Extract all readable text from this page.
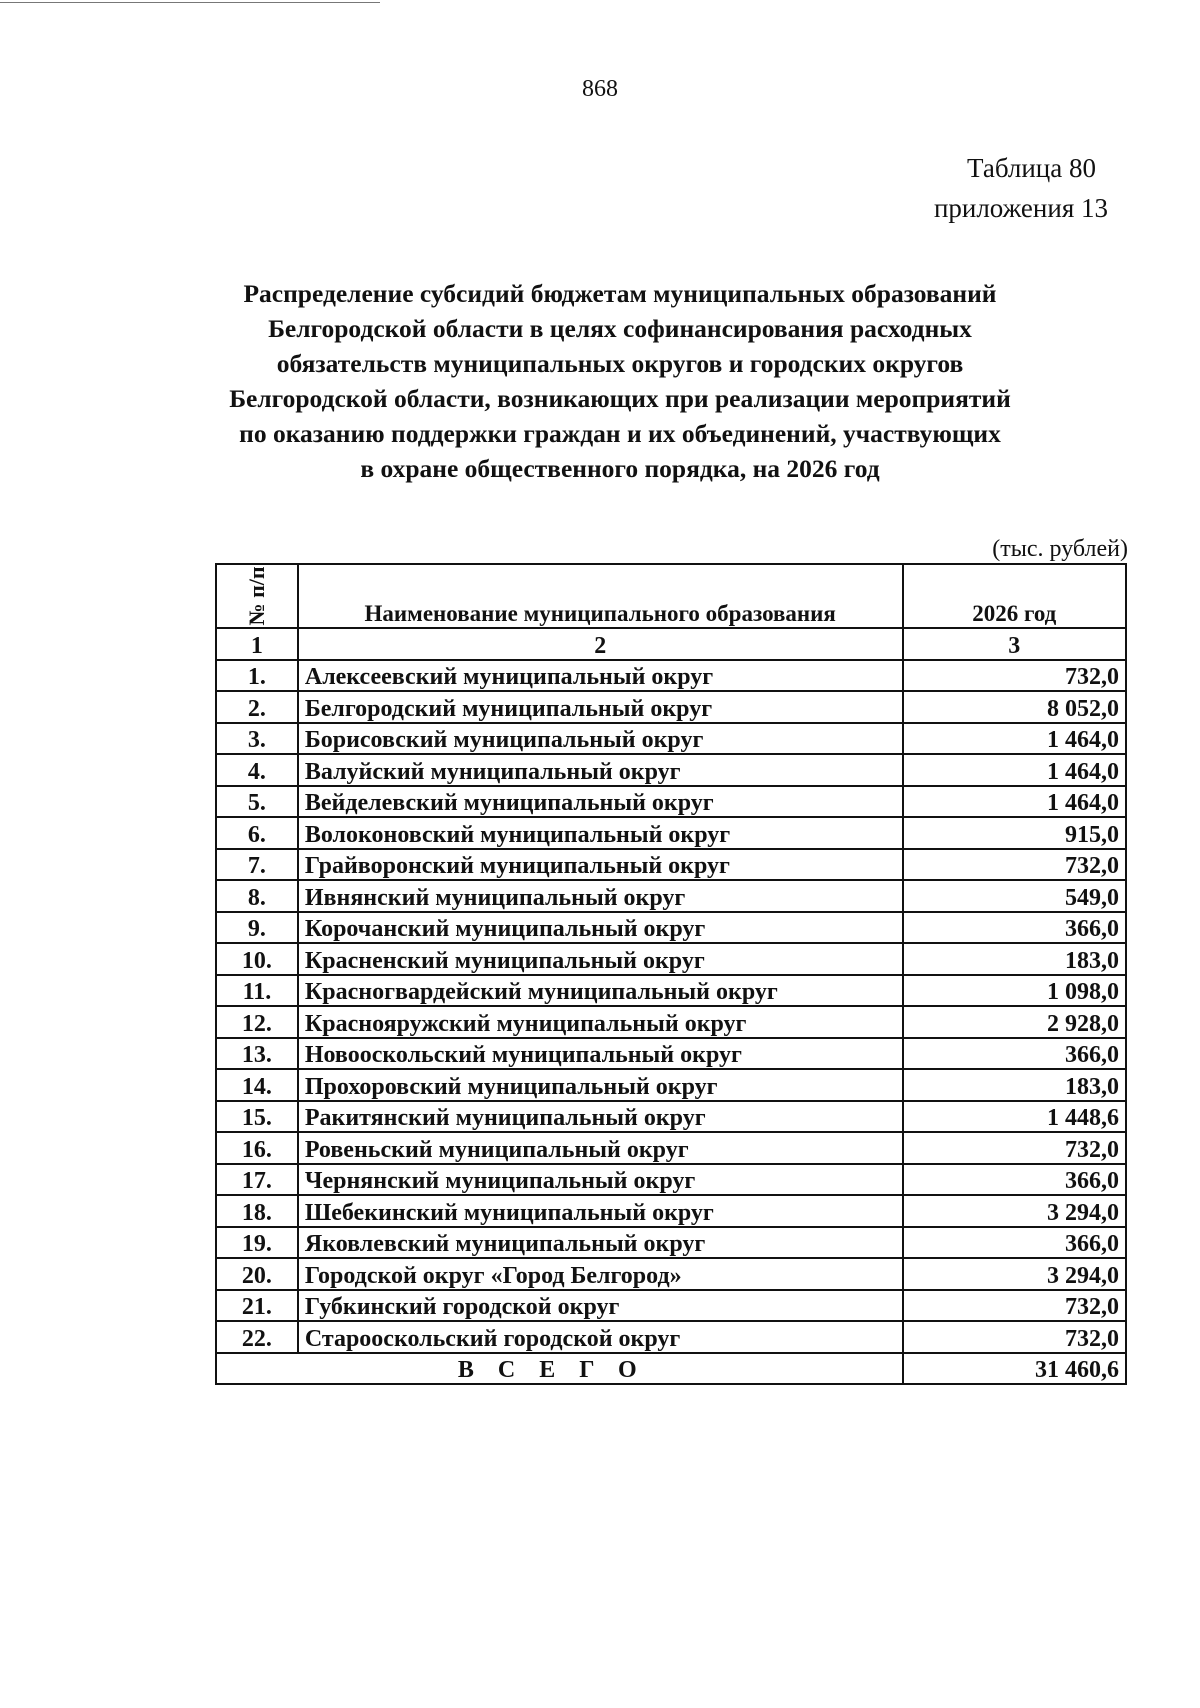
868
Таблица 80
приложения 13
Распределение субсидий бюджетам муниципальных образований
Белгородской области в целях софинансирования расходных
обязательств муниципальных округов и городских округов
Белгородской области, возникающих при реализации мероприятий
по оказанию поддержки граждан и их объединений, участвующих
в охране общественного порядка, на 2026 год
(тыс. рублей)
№ п/п	Наименование муниципального образования	2026 год
1	2	3
1.	Алексеевский муниципальный округ	732,0
2.	Белгородский муниципальный округ	8 052,0
3.	Борисовский муниципальный округ	1 464,0
4.	Валуйский муниципальный округ	1 464,0
5.	Вейделевский муниципальный округ	1 464,0
6.	Волоконовский муниципальный округ	915,0
7.	Грайворонский муниципальный округ	732,0
8.	Ивнянский муниципальный округ	549,0
9.	Корочанский муниципальный округ	366,0
10.	Красненский муниципальный округ	183,0
11.	Красногвардейский муниципальный округ	1 098,0
12.	Краснояружский муниципальный округ	2 928,0
13.	Новооскольский муниципальный округ	366,0
14.	Прохоровский муниципальный округ	183,0
15.	Ракитянский муниципальный округ	1 448,6
16.	Ровеньский муниципальный округ	732,0
17.	Чернянский муниципальный округ	366,0
18.	Шебекинский муниципальный округ	3 294,0
19.	Яковлевский муниципальный округ	366,0
20.	Городской округ «Город Белгород»	3 294,0
21.	Губкинский городской округ	732,0
22.	Старооскольский городской округ	732,0
ВСЕГО		31 460,6
